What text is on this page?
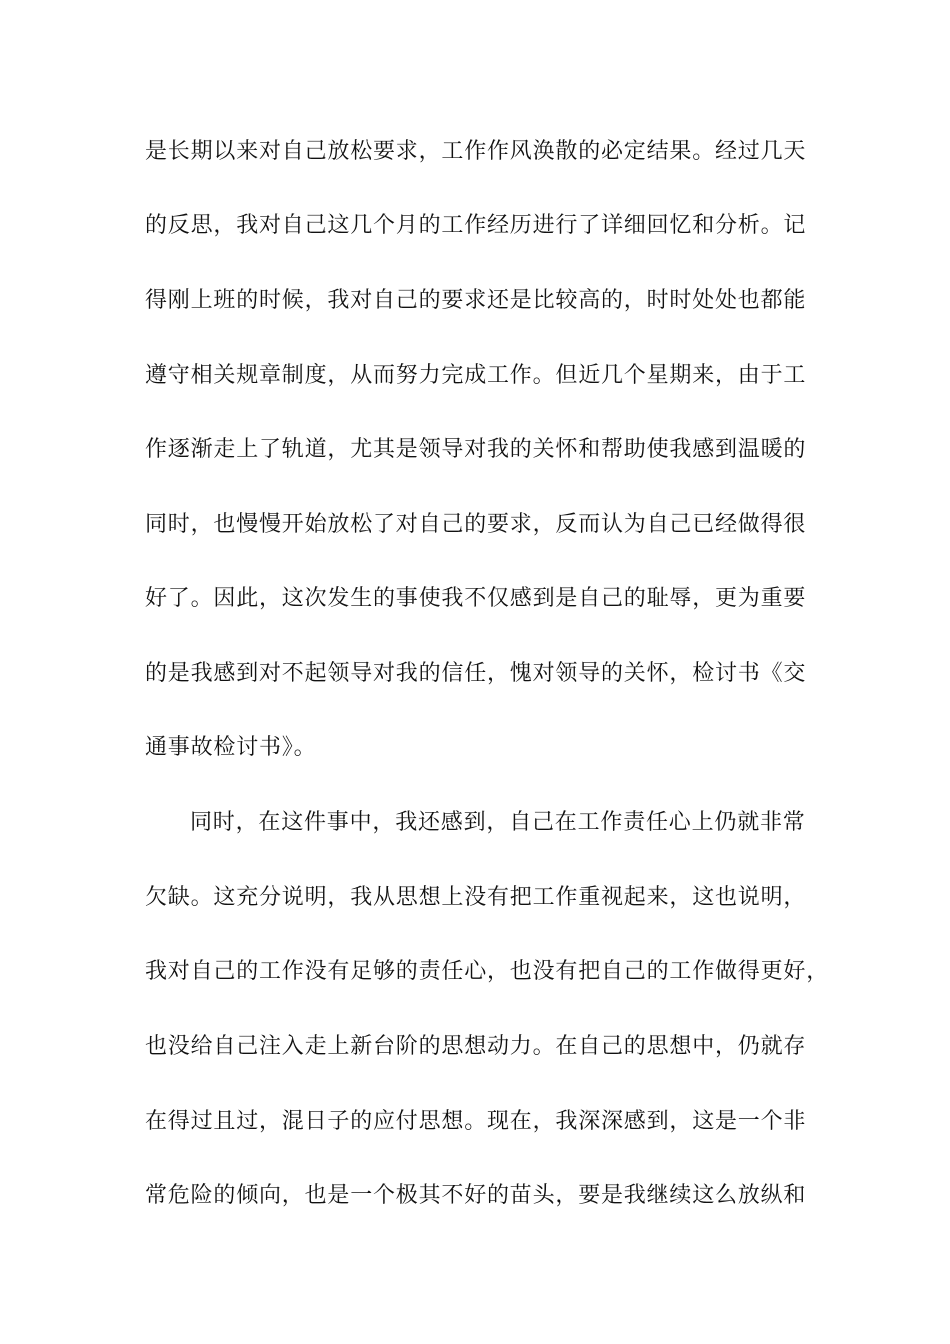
是长期以来对自己放松要求，工作作风涣散的必定结果。经过几天
的反思，我对自己这几个月的工作经历进行了详细回忆和分析。记
得刚上班的时候，我对自己的要求还是比较高的，时时处处也都能
遵守相关规章制度，从而努力完成工作。但近几个星期来，由于工
作逐渐走上了轨道，尤其是领导对我的关怀和帮助使我感到温暖的
同时，也慢慢开始放松了对自己的要求，反而认为自己已经做得很
好了。因此，这次发生的事使我不仅感到是自己的耻辱，更为重要
的是我感到对不起领导对我的信任，愧对领导的关怀，检讨书《交
通事故检讨书》。
同时，在这件事中，我还感到，自己在工作责任心上仍就非常
欠缺。这充分说明，我从思想上没有把工作重视起来，这也说明，
我对自己的工作没有足够的责任心，也没有把自己的工作做得更好，
也没给自己注入走上新台阶的思想动力。在自己的思想中，仍就存
在得过且过，混日子的应付思想。现在，我深深感到，这是一个非
常危险的倾向，也是一个极其不好的苗头，要是我继续这么放纵和
